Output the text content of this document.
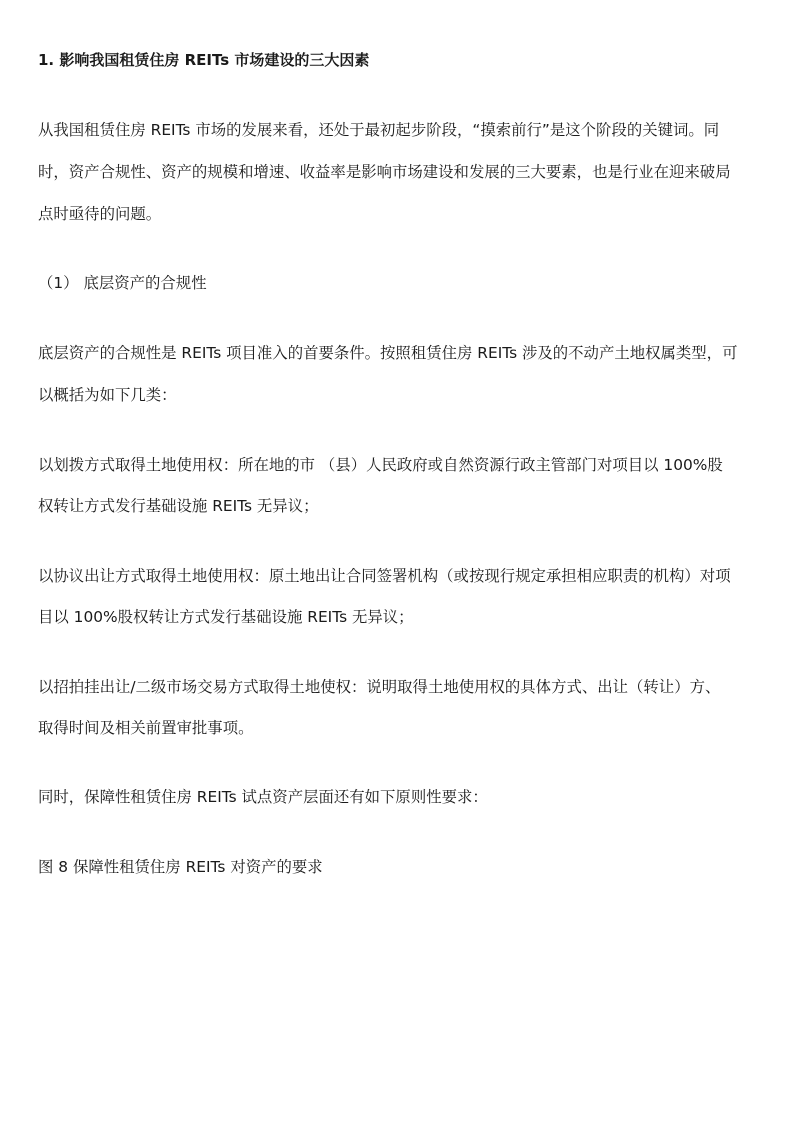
1. 影响我国租赁住房 REITs 市场建设的三大因素
从我国租赁住房 REITs 市场的发展来看，还处于最初起步阶段，“摸索前行”是这个阶段的关键词。同
时，资产合规性、资产的规模和增速、收益率是影响市场建设和发展的三大要素，也是行业在迎来破局
点时亟待的问题。
（1） 底层资产的合规性
底层资产的合规性是 REITs 项目准入的首要条件。按照租赁住房 REITs 涉及的不动产土地权属类型，可
以概括为如下几类：
以划拨方式取得土地使用权：所在地的市 （县）人民政府或自然资源行政主管部门对项目以 100%股
权转让方式发行基础设施 REITs 无异议；
以协议出让方式取得土地使用权：原土地出让合同签署机构（或按现行规定承担相应职责的机构）对项
目以 100%股权转让方式发行基础设施 REITs 无异议；
以招拍挂出让/二级市场交易方式取得土地使权：说明取得土地使用权的具体方式、出让（转让）方、
取得时间及相关前置审批事项。
同时，保障性租赁住房 REITs 试点资产层面还有如下原则性要求：
图 8 保障性租赁住房 REITs 对资产的要求
